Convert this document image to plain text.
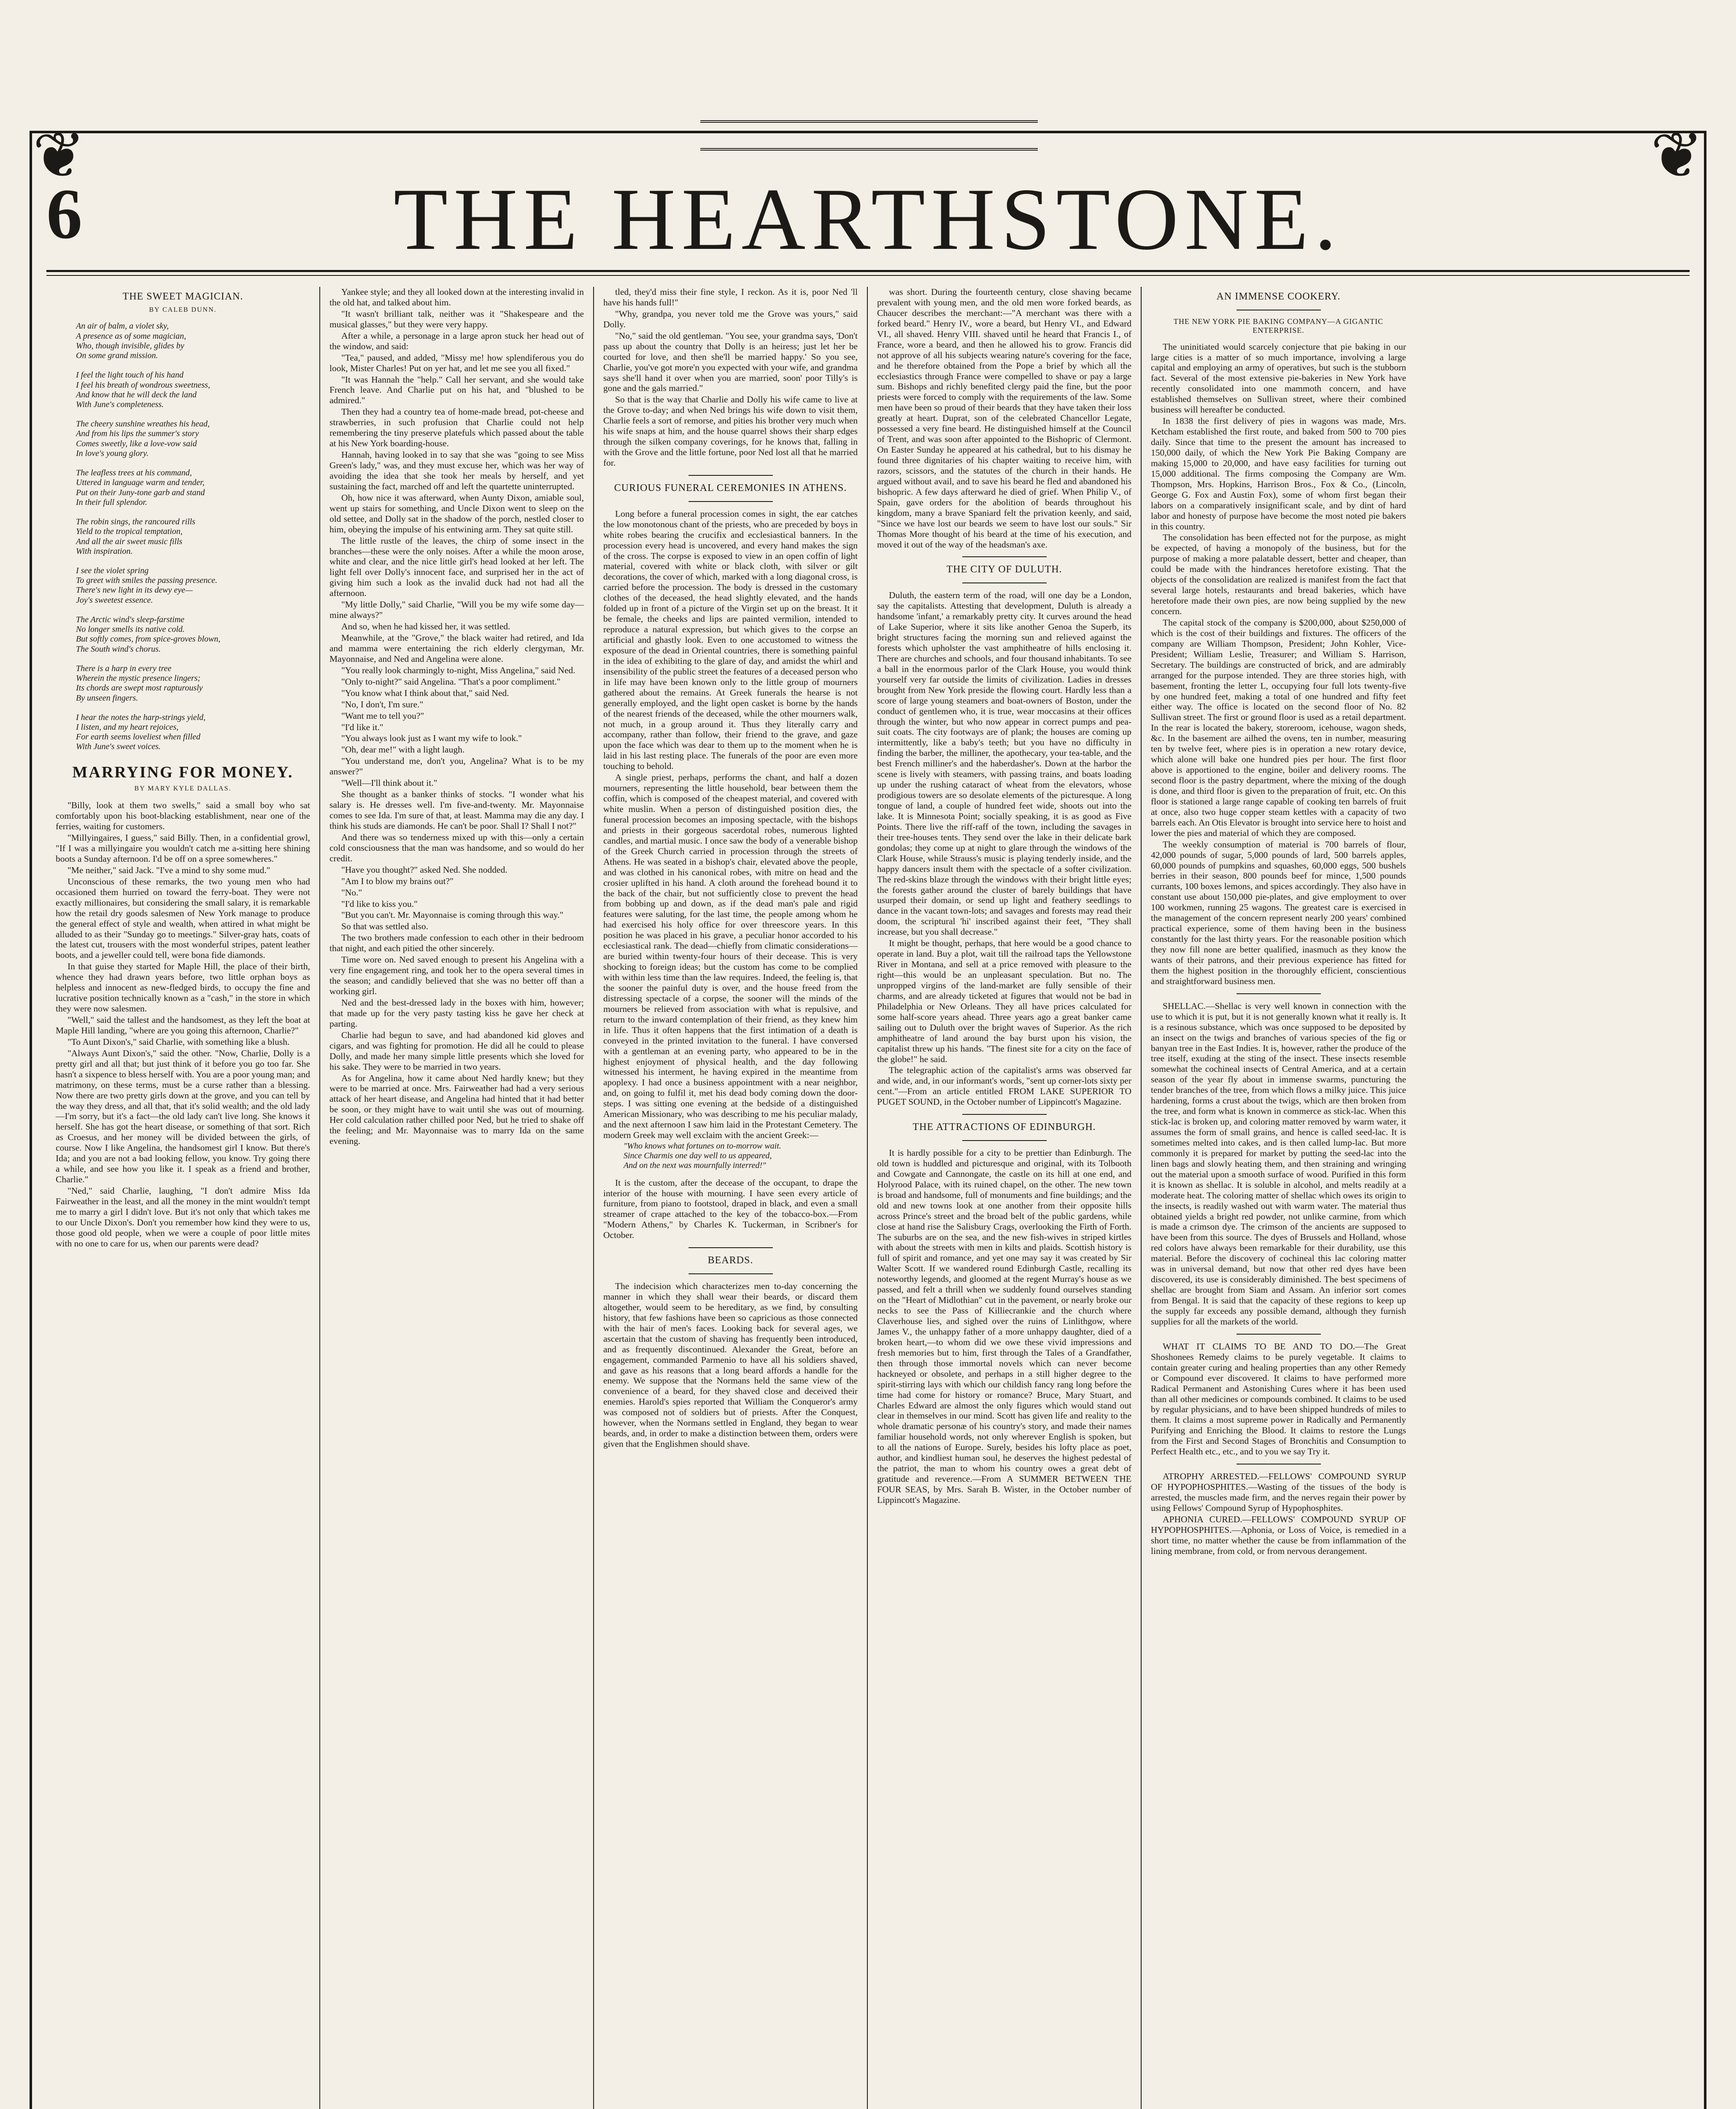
❦	❦
6	THE HEARTHSTONE.
THE SWEET MAGICIAN.
BY CALEB DUNN.
An air of balm, a violet sky,
A presence as of some magician,
Who, though invisible, glides by
On some grand mission.

I feel the light touch of his hand
I feel his breath of wondrous sweetness,
And know that he will deck the land
With June's completeness.

The cheery sunshine wreathes his head,
And from his lips the summer's story
Comes sweetly, like a love-vow said
In love's young glory.

The leafless trees at his command,
Uttered in language warm and tender,
Put on their Juny-tone garb and stand
In their full splendor.

The robin sings, the rancoured rills
Yield to the tropical temptation,
And all the air sweet music fills
With inspiration.

I see the violet spring
To greet with smiles the passing presence.
There's new light in its dewy eye—
Joy's sweetest essence.

The Arctic wind's sleep-farstime
No longer smells its native cold.
But softly comes, from spice-groves blown,
The South wind's chorus.

There is a harp in every tree
Wherein the mystic presence lingers;
Its chords are swept most rapturously
By unseen fingers.

I hear the notes the harp-strings yield,
I listen, and my heart rejoices,
For earth seems loveliest when filled
With June's sweet voices.
MARRYING FOR MONEY.
BY MARY KYLE DALLAS.

"Billy, look at them two swells," said a small boy who sat comfortably upon his boot-blacking establishment, near one of the ferries, waiting for customers.

"Millyingaires, I guess," said Billy. Then, in a confidential growl, "If I was a millyingaire you wouldn't catch me a-sitting here shining boots a Sunday afternoon. I'd be off on a spree somewheres."

"Me neither," said Jack. "I've a mind to shy some mud."

Unconscious of these remarks, the two young men who had occasioned them hurried on toward the ferry-boat. They were not exactly millionaires, but considering the small salary, it is remarkable how the retail dry goods salesmen of New York manage to produce the general effect of style and wealth, when attired in what might be alluded to as their "Sunday go to meetings." Silver-gray hats, coats of the latest cut, trousers with the most wonderful stripes, patent leather boots, and a jeweller could tell, were bona fide diamonds.

In that guise they started for Maple Hill, the place of their birth, whence they had drawn years before, two little orphan boys as helpless and innocent as new-fledged birds, to occupy the fine and lucrative position technically known as a "cash," in the store in which they were now salesmen.

"Well," said the tallest and the handsomest, as they left the boat at Maple Hill landing, "where are you going this afternoon, Charlie?"

"To Aunt Dixon's," said Charlie, with something like a blush.

"Always Aunt Dixon's," said the other. "Now, Charlie, Dolly is a pretty girl and all that; but just think of it before you go too far. She hasn't a sixpence to bless herself with. You are a poor young man; and matrimony, on these terms, must be a curse rather than a blessing. Now there are two pretty girls down at the grove, and you can tell by the way they dress, and all that, that it's solid wealth; and the old lady—I'm sorry, but it's a fact—the old lady can't live long. She knows it herself. She has got the heart disease, or something of that sort. Rich as Croesus, and her money will be divided between the girls, of course. Now I like Angelina, the handsomest girl I know. But there's Ida; and you are not a bad looking fellow, you know. Try going there a while, and see how you like it. I speak as a friend and brother, Charlie."

"Ned," said Charlie, laughing, "I don't admire Miss Ida Fairweather in the least, and all the money in the mint wouldn't tempt me to marry a girl I didn't love. But it's not only that which takes me to our Uncle Dixon's. Don't you remember how kind they were to us, those good old people, when we were a couple of poor little mites with no one to care for us, when our parents were dead?

Yankee style; and they all looked down at the interesting invalid in the old hat, and talked about him.

"It wasn't brilliant talk, neither was it "Shakespeare and the musical glasses," but they were very happy.

After a while, a personage in a large apron stuck her head out of the window, and said:

"Tea," paused, and added, "Missy me! how splendiferous you do look, Mister Charles! Put on yer hat, and let me see you all fixed."

"It was Hannah the "help." Call her servant, and she would take French leave. And Charlie put on his hat, and "blushed to be admired."

Then they had a country tea of home-made bread, pot-cheese and strawberries, in such profusion that Charlie could not help remembering the tiny preserve platefuls which passed about the table at his New York boarding-house.

Hannah, having looked in to say that she was "going to see Miss Green's lady," was, and they must excuse her, which was her way of avoiding the idea that she took her meals by herself, and yet sustaining the fact, marched off and left the quartette uninterrupted.

Oh, how nice it was afterward, when Aunty Dixon, amiable soul, went up stairs for something, and Uncle Dixon went to sleep on the old settee, and Dolly sat in the shadow of the porch, nestled closer to him, obeying the impulse of his entwining arm. They sat quite still.

The little rustle of the leaves, the chirp of some insect in the branches—these were the only noises. After a while the moon arose, white and clear, and the nice little girl's head looked at her left. The light fell over Dolly's innocent face, and surprised her in the act of giving him such a look as the invalid duck had not had all the afternoon.

"My little Dolly," said Charlie, "Will you be my wife some day—mine always?"

And so, when he had kissed her, it was settled.

Meanwhile, at the "Grove," the black waiter had retired, and Ida and mamma were entertaining the rich elderly clergyman, Mr. Mayonnaise, and Ned and Angelina were alone.

"You really look charmingly to-night, Miss Angelina," said Ned.

"Only to-night?" said Angelina. "That's a poor compliment."

"You know what I think about that," said Ned.

"No, I don't, I'm sure."

"Want me to tell you?"

"I'd like it."

"You always look just as I want my wife to look."

"Oh, dear me!" with a light laugh.

"You understand me, don't you, Angelina? What is to be my answer?"

"Well—I'll think about it."

She thought as a banker thinks of stocks. "I wonder what his salary is. He dresses well. I'm five-and-twenty. Mr. Mayonnaise comes to see Ida. I'm sure of that, at least. Mamma may die any day. I think his studs are diamonds. He can't be poor. Shall I? Shall I not?"

And there was so tenderness mixed up with this—only a certain cold consciousness that the man was handsome, and so would do her credit.

"Have you thought?" asked Ned. She nodded.

"Am I to blow my brains out?"

"No."

"I'd like to kiss you."

"But you can't. Mr. Mayonnaise is coming through this way."

So that was settled also.

The two brothers made confession to each other in their bedroom that night, and each pitied the other sincerely.

Time wore on. Ned saved enough to present his Angelina with a very fine engagement ring, and took her to the opera several times in the season; and candidly believed that she was no better off than a working girl.

Ned and the best-dressed lady in the boxes with him, however; that made up for the very pasty tasting kiss he gave her check at parting.

Charlie had begun to save, and had abandoned kid gloves and cigars, and was fighting for promotion. He did all he could to please Dolly, and made her many simple little presents which she loved for his sake. They were to be married in two years.

As for Angelina, how it came about Ned hardly knew; but they were to be married at once. Mrs. Fairweather had had a very serious attack of her heart disease, and Angelina had hinted that it had better be soon, or they might have to wait until she was out of mourning. Her cold calculation rather chilled poor Ned, but he tried to shake off the feeling; and Mr. Mayonnaise was to marry Ida on the same evening.

tled, they'd miss their fine style, I reckon. As it is, poor Ned 'll have his hands full!"

"Why, grandpa, you never told me the Grove was yours," said Dolly.

"No," said the old gentleman. "You see, your grandma says, 'Don't pass up about the country that Dolly is an heiress; just let her be courted for love, and then she'll be married happy.' So you see, Charlie, you've got more'n you expected with your wife, and grandma says she'll hand it over when you are married, soon' poor Tilly's is gone and the gals married."

So that is the way that Charlie and Dolly his wife came to live at the Grove to-day; and when Ned brings his wife down to visit them, Charlie feels a sort of remorse, and pities his brother very much when his wife snaps at him, and the house quarrel shows their sharp edges through the silken company coverings, for he knows that, falling in with the Grove and the little fortune, poor Ned lost all that he married for.

CURIOUS FUNERAL CEREMONIES IN ATHENS.

Long before a funeral procession comes in sight, the ear catches the low monotonous chant of the priests, who are preceded by boys in white robes bearing the crucifix and ecclesiastical banners. In the procession every head is uncovered, and every hand makes the sign of the cross. The corpse is exposed to view in an open coffin of light material, covered with white or black cloth, with silver or gilt decorations, the cover of which, marked with a long diagonal cross, is carried before the procession. The body is dressed in the customary clothes of the deceased, the head slightly elevated, and the hands folded up in front of a picture of the Virgin set up on the breast. It it be female, the cheeks and lips are painted vermilion, intended to reproduce a natural expression, but which gives to the corpse an artificial and ghastly look. Even to one accustomed to witness the exposure of the dead in Oriental countries, there is something painful in the idea of exhibiting to the glare of day, and amidst the whirl and insensibility of the public street the features of a deceased person who in life may have been known only to the little group of mourners gathered about the remains. At Greek funerals the hearse is not generally employed, and the light open casket is borne by the hands of the nearest friends of the deceased, while the other mourners walk, not much, in a group around it. Thus they literally carry and accompany, rather than follow, their friend to the grave, and gaze upon the face which was dear to them up to the moment when he is laid in his last resting place. The funerals of the poor are even more touching to behold.

A single priest, perhaps, performs the chant, and half a dozen mourners, representing the little household, bear between them the coffin, which is composed of the cheapest material, and covered with white muslin. When a person of distinguished position dies, the funeral procession becomes an imposing spectacle, with the bishops and priests in their gorgeous sacerdotal robes, numerous lighted candles, and martial music. I once saw the body of a venerable bishop of the Greek Church carried in procession through the streets of Athens. He was seated in a bishop's chair, elevated above the people, and was clothed in his canonical robes, with mitre on head and the crosier uplifted in his hand. A cloth around the forehead bound it to the back of the chair, but not sufficiently close to prevent the head from bobbing up and down, as if the dead man's pale and rigid features were saluting, for the last time, the people among whom he had exercised his holy office for over threescore years. In this position he was placed in his grave, a peculiar honor accorded to his ecclesiastical rank. The dead—chiefly from climatic considerations—are buried within twenty-four hours of their decease. This is very shocking to foreign ideas; but the custom has come to be complied with within less time than the law requires. Indeed, the feeling is, that the sooner the painful duty is over, and the house freed from the distressing spectacle of a corpse, the sooner will the minds of the mourners be relieved from association with what is repulsive, and return to the inward contemplation of their friend, as they knew him in life. Thus it often happens that the first intimation of a death is conveyed in the printed invitation to the funeral. I have conversed with a gentleman at an evening party, who appeared to be in the highest enjoyment of physical health, and the day following witnessed his interment, he having expired in the meantime from apoplexy. I had once a business appointment with a near neighbor, and, on going to fulfil it, met his dead body coming down the door-steps. I was sitting one evening at the bedside of a distinguished American Missionary, who was describing to me his peculiar malady, and the next afternoon I saw him laid in the Protestant Cemetery. The modern Greek may well exclaim with the ancient Greek:—

"Who knows what fortunes on to-morrow wait.
Since Charmis one day well to us appeared,
And on the next was mournfully interred!"

It is the custom, after the decease of the occupant, to drape the interior of the house with mourning. I have seen every article of furniture, from piano to footstool, draped in black, and even a small streamer of crape attached to the key of the tobacco-box.—From "Modern Athens," by Charles K. Tuckerman, in Scribner's for October.

BEARDS.

The indecision which characterizes men to-day concerning the manner in which they shall wear their beards, or discard them altogether, would seem to be hereditary, as we find, by consulting history, that few fashions have been so capricious as those connected with the hair of men's faces. Looking back for several ages, we ascertain that the custom of shaving has frequently been introduced, and as frequently discontinued. Alexander the Great, before an engagement, commanded Parmenio to have all his soldiers shaved, and gave as his reasons that a long beard affords a handle for the enemy. We suppose that the Normans held the same view of the convenience of a beard, for they shaved close and deceived their enemies. Harold's spies reported that William the Conqueror's army was composed not of soldiers but of priests. After the Conquest, however, when the Normans settled in England, they began to wear beards, and, in order to make a distinction between them, orders were given that the Englishmen should shave.

was short. During the fourteenth century, close shaving became prevalent with young men, and the old men wore forked beards, as Chaucer describes the merchant:—"A merchant was there with a forked beard." Henry IV., wore a beard, but Henry VI., and Edward VI., all shaved. Henry VIII. shaved until he heard that Francis I., of France, wore a beard, and then he allowed his to grow. Francis did not approve of all his subjects wearing nature's covering for the face, and he therefore obtained from the Pope a brief by which all the ecclesiastics through France were compelled to shave or pay a large sum. Bishops and richly benefited clergy paid the fine, but the poor priests were forced to comply with the requirements of the law. Some men have been so proud of their beards that they have taken their loss greatly at heart. Duprat, son of the celebrated Chancellor Legate, possessed a very fine beard. He distinguished himself at the Council of Trent, and was soon after appointed to the Bishopric of Clermont. On Easter Sunday he appeared at his cathedral, but to his dismay he found three dignitaries of his chapter waiting to receive him, with razors, scissors, and the statutes of the church in their hands. He argued without avail, and to save his beard he fled and abandoned his bishopric. A few days afterward he died of grief. When Philip V., of Spain, gave orders for the abolition of beards throughout his kingdom, many a brave Spaniard felt the privation keenly, and said, "Since we have lost our beards we seem to have lost our souls." Sir Thomas More thought of his beard at the time of his execution, and moved it out of the way of the headsman's axe.

THE CITY OF DULUTH.

Duluth, the eastern term of the road, will one day be a London, say the capitalists. Attesting that development, Duluth is already a handsome 'infant,' a remarkably pretty city. It curves around the head of Lake Superior, where it sits like another Genoa the Superb, its bright structures facing the morning sun and relieved against the forests which upholster the vast amphitheatre of hills enclosing it. There are churches and schools, and four thousand inhabitants. To see a ball in the enormous parlor of the Clark House, you would think yourself very far outside the limits of civilization. Ladies in dresses brought from New York preside the flowing court. Hardly less than a score of large young steamers and boat-owners of Boston, under the conduct of gentlemen who, it is true, wear moccasins at their offices through the winter, but who now appear in correct pumps and pea-suit coats. The city footways are of plank; the houses are coming up intermittently, like a baby's teeth; but you have no difficulty in finding the barber, the milliner, the apothecary, your tea-table, and the best French milliner's and the haberdasher's. Down at the harbor the scene is lively with steamers, with passing trains, and boats loading up under the rushing cataract of wheat from the elevators, whose prodigious towers are so desolate elements of the picturesque. A long tongue of land, a couple of hundred feet wide, shoots out into the lake. It is Minnesota Point; socially speaking, it is as good as Five Points. There live the riff-raff of the town, including the savages in their tree-houses tents. They send over the lake in their delicate bark gondolas; they come up at night to glare through the windows of the Clark House, while Strauss's music is playing tenderly inside, and the happy dancers insult them with the spectacle of a softer civilization. The red-skins blaze through the windows with their bright little eyes; the forests gather around the cluster of barely buildings that have usurped their domain, or send up light and feathery seedlings to dance in the vacant town-lots; and savages and forests may read their doom, the scriptural 'hi' inscribed against their feet, "They shall increase, but you shall decrease."

It might be thought, perhaps, that here would be a good chance to operate in land. Buy a plot, wait till the railroad taps the Yellowstone River in Montana, and sell at a price removed with pleasure to the right—this would be an unpleasant speculation. But no. The unpropped virgins of the land-market are fully sensible of their charms, and are already ticketed at figures that would not be bad in Philadelphia or New Orleans. They all have prices calculated for some half-score years ahead. Three years ago a great banker came sailing out to Duluth over the bright waves of Superior. As the rich amphitheatre of land around the bay burst upon his vision, the capitalist threw up his hands. "The finest site for a city on the face of the globe!" he said.

The telegraphic action of the capitalist's arms was observed far and wide, and, in our informant's words, "sent up corner-lots sixty per cent."—From an article entitled FROM LAKE SUPERIOR TO PUGET SOUND, in the October number of Lippincott's Magazine.

THE ATTRACTIONS OF EDINBURGH.

It is hardly possible for a city to be prettier than Edinburgh. The old town is huddled and picturesque and original, with its Tolbooth and Cowgate and Cannongate, the castle on its hill at one end, and Holyrood Palace, with its ruined chapel, on the other. The new town is broad and handsome, full of monuments and fine buildings; and the old and new towns look at one another from their opposite hills across Prince's street and the broad belt of the public gardens, while close at hand rise the Salisbury Crags, overlooking the Firth of Forth. The suburbs are on the sea, and the new fish-wives in striped kirtles with about the streets with men in kilts and plaids. Scottish history is full of spirit and romance, and yet one may say it was created by Sir Walter Scott. If we wandered round Edinburgh Castle, recalling its noteworthy legends, and gloomed at the regent Murray's house as we passed, and felt a thrill when we suddenly found ourselves standing on the "Heart of Midlothian" cut in the pavement, or nearly broke our necks to see the Pass of Killiecrankie and the church where Claverhouse lies, and sighed over the ruins of Linlithgow, where James V., the unhappy father of a more unhappy daughter, died of a broken heart,—to whom did we owe these vivid impressions and fresh memories but to him, first through the Tales of a Grandfather, then through those immortal novels which can never become hackneyed or obsolete, and perhaps in a still higher degree to the spirit-stirring lays with which our childish fancy rang long before the time had come for history or romance? Bruce, Mary Stuart, and Charles Edward are almost the only figures which would stand out clear in themselves in our mind. Scott has given life and reality to the whole dramatic personæ of his country's story, and made their names familiar household words, not only wherever English is spoken, but to all the nations of Europe. Surely, besides his lofty place as poet, author, and kindliest human soul, he deserves the highest pedestal of the patriot, the man to whom his country owes a great debt of gratitude and reverence.—From A SUMMER BETWEEN THE FOUR SEAS, by Mrs. Sarah B. Wister, in the October number of Lippincott's Magazine.

AN IMMENSE COOKERY.
THE NEW YORK PIE BAKING COMPANY—A GIGANTIC ENTERPRISE.

The uninitiated would scarcely conjecture that pie baking in our large cities is a matter of so much importance, involving a large capital and employing an army of operatives, but such is the stubborn fact. Several of the most extensive pie-bakeries in New York have recently consolidated into one mammoth concern, and have established themselves on Sullivan street, where their combined business will hereafter be conducted.

In 1838 the first delivery of pies in wagons was made, Mrs. Ketcham established the first route, and baked from 500 to 700 pies daily. Since that time to the present the amount has increased to 150,000 daily, of which the New York Pie Baking Company are making 15,000 to 20,000, and have easy facilities for turning out 15,000 additional. The firms composing the Company are Wm. Thompson, Mrs. Hopkins, Harrison Bros., Fox & Co., (Lincoln, George G. Fox and Austin Fox), some of whom first began their labors on a comparatively insignificant scale, and by dint of hard labor and honesty of purpose have become the most noted pie bakers in this country.

The consolidation has been effected not for the purpose, as might be expected, of having a monopoly of the business, but for the purpose of making a more palatable dessert, better and cheaper, than could be made with the hindrances heretofore existing. That the objects of the consolidation are realized is manifest from the fact that several large hotels, restaurants and bread bakeries, which have heretofore made their own pies, are now being supplied by the new concern.

The capital stock of the company is $200,000, about $250,000 of which is the cost of their buildings and fixtures. The officers of the company are William Thompson, President; John Kohler, Vice-President; William Leslie, Treasurer; and William S. Harrison, Secretary. The buildings are constructed of brick, and are admirably arranged for the purpose intended. They are three stories high, with basement, fronting the letter L, occupying four full lots twenty-five by one hundred feet, making a total of one hundred and fifty feet either way. The office is located on the second floor of No. 82 Sullivan street. The first or ground floor is used as a retail department. In the rear is located the bakery, storeroom, icehouse, wagon sheds, &c. In the basement are ailhed the ovens, ten in number, measuring ten by twelve feet, where pies is in operation a new rotary device, which alone will bake one hundred pies per hour. The first floor above is apportioned to the engine, boiler and delivery rooms. The second floor is the pastry department, where the mixing of the dough is done, and third floor is given to the preparation of fruit, etc. On this floor is stationed a large range capable of cooking ten barrels of fruit at once, also two huge copper steam kettles with a capacity of two barrels each. An Otis Elevator is brought into service here to hoist and lower the pies and material of which they are composed.

The weekly consumption of material is 700 barrels of flour, 42,000 pounds of sugar, 5,000 pounds of lard, 500 barrels apples, 60,000 pounds of pumpkins and squashes, 60,000 eggs, 500 bushels berries in their season, 800 pounds beef for mince, 1,500 pounds currants, 100 boxes lemons, and spices accordingly. They also have in constant use about 150,000 pie-plates, and give employment to over 100 workmen, running 25 wagons. The greatest care is exercised in the management of the concern represent nearly 200 years' combined practical experience, some of them having been in the business constantly for the last thirty years. For the reasonable position which they now fill none are better qualified, inasmuch as they know the wants of their patrons, and their previous experience has fitted for them the highest position in the thoroughly efficient, conscientious and straightforward business men.

SHELLAC.—Shellac is very well known in connection with the use to which it is put, but it is not generally known what it really is. It is a resinous substance, which was once supposed to be deposited by an insect on the twigs and branches of various species of the fig or banyan tree in the East Indies. It is, however, rather the produce of the tree itself, exuding at the sting of the insect. These insects resemble somewhat the cochineal insects of Central America, and at a certain season of the year fly about in immense swarms, puncturing the tender branches of the tree, from which flows a milky juice. This juice hardening, forms a crust about the twigs, which are then broken from the tree, and form what is known in commerce as stick-lac. When this stick-lac is broken up, and coloring matter removed by warm water, it assumes the form of small grains, and hence is called seed-lac. It is sometimes melted into cakes, and is then called lump-lac. But more commonly it is prepared for market by putting the seed-lac into the linen bags and slowly heating them, and then straining and wringing out the material upon a smooth surface of wood. Purified in this form it is known as shellac. It is soluble in alcohol, and melts readily at a moderate heat. The coloring matter of shellac which owes its origin to the insects, is readily washed out with warm water. The material thus obtained yields a bright red powder, not unlike carmine, from which is made a crimson dye. The crimson of the ancients are supposed to have been from this source. The dyes of Brussels and Holland, whose red colors have always been remarkable for their durability, use this material. Before the discovery of cochineal this lac coloring matter was in universal demand, but now that other red dyes have been discovered, its use is considerably diminished. The best specimens of shellac are brought from Siam and Assam. An inferior sort comes from Bengal. It is said that the capacity of these regions to keep up the supply far exceeds any possible demand, although they furnish supplies for all the markets of the world.

WHAT IT CLAIMS TO BE AND TO DO.—The Great Shoshonees Remedy claims to be purely vegetable. It claims to contain greater curing and healing properties than any other Remedy or Compound ever discovered. It claims to have performed more Radical Permanent and Astonishing Cures where it has been used than all other medicines or compounds combined. It claims to be used by regular physicians, and to have been shipped hundreds of miles to them. It claims a most supreme power in Radically and Permanently Purifying and Enriching the Blood. It claims to restore the Lungs from the First and Second Stages of Bronchitis and Consumption to Perfect Health etc., etc., and to you we say Try it.

ATROPHY ARRESTED.—FELLOWS' COMPOUND SYRUP OF HYPOPHOSPHITES.—Wasting of the tissues of the body is arrested, the muscles made firm, and the nerves regain their power by using Fellows' Compound Syrup of Hypophosphites.

APHONIA CURED.—FELLOWS' COMPOUND SYRUP OF HYPOPHOSPHITES.—Aphonia, or Loss of Voice, is remedied in a short time, no matter whether the cause be from inflammation of the lining membrane, from cold, or from nervous derangement.
